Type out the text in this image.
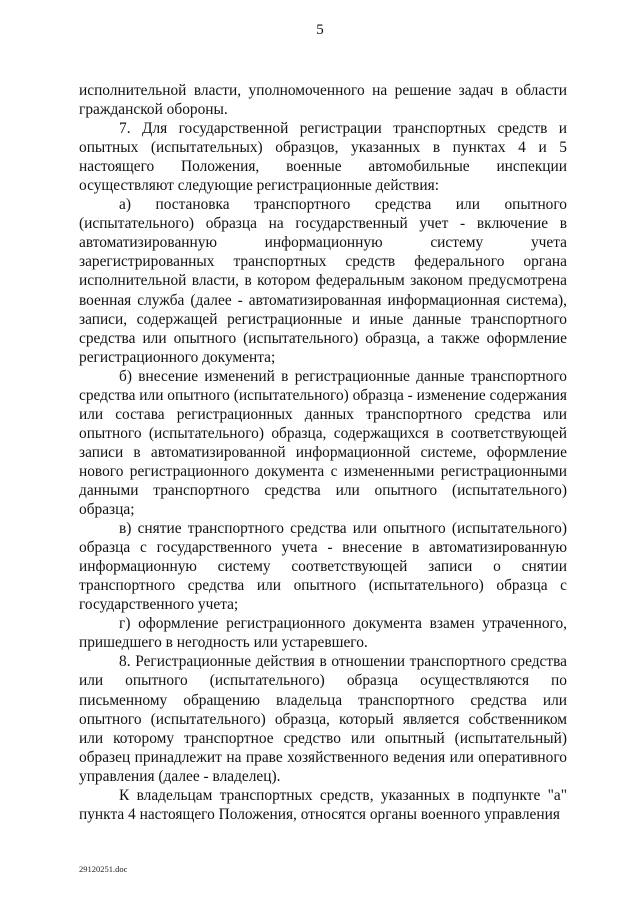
5

исполнительной власти, уполномоченного на решение задач в области гражданской обороны.

7. Для государственной регистрации транспортных средств и опытных (испытательных) образцов, указанных в пунктах 4 и 5 настоящего Положения, военные автомобильные инспекции осуществляют следующие регистрационные действия:

а) постановка транспортного средства или опытного (испытательного) образца на государственный учет - включение в автоматизированную информационную систему учета зарегистрированных транспортных средств федерального органа исполнительной власти, в котором федеральным законом предусмотрена военная служба (далее - автоматизированная информационная система), записи, содержащей регистрационные и иные данные транспортного средства или опытного (испытательного) образца, а также оформление регистрационного документа;

б) внесение изменений в регистрационные данные транспортного средства или опытного (испытательного) образца - изменение содержания или состава регистрационных данных транспортного средства или опытного (испытательного) образца, содержащихся в соответствующей записи в автоматизированной информационной системе, оформление нового регистрационного документа с измененными регистрационными данными транспортного средства или опытного (испытательного) образца;

в) снятие транспортного средства или опытного (испытательного) образца с государственного учета - внесение в автоматизированную информационную систему соответствующей записи о снятии транспортного средства или опытного (испытательного) образца с государственного учета;

г) оформление регистрационного документа взамен утраченного, пришедшего в негодность или устаревшего.

8. Регистрационные действия в отношении транспортного средства или опытного (испытательного) образца осуществляются по письменному обращению владельца транспортного средства или опытного (испытательного) образца, который является собственником или которому транспортное средство или опытный (испытательный) образец принадлежит на праве хозяйственного ведения или оперативного управления (далее - владелец).

К владельцам транспортных средств, указанных в подпункте "а" пункта 4 настоящего Положения, относятся органы военного управления

29120251.doc
